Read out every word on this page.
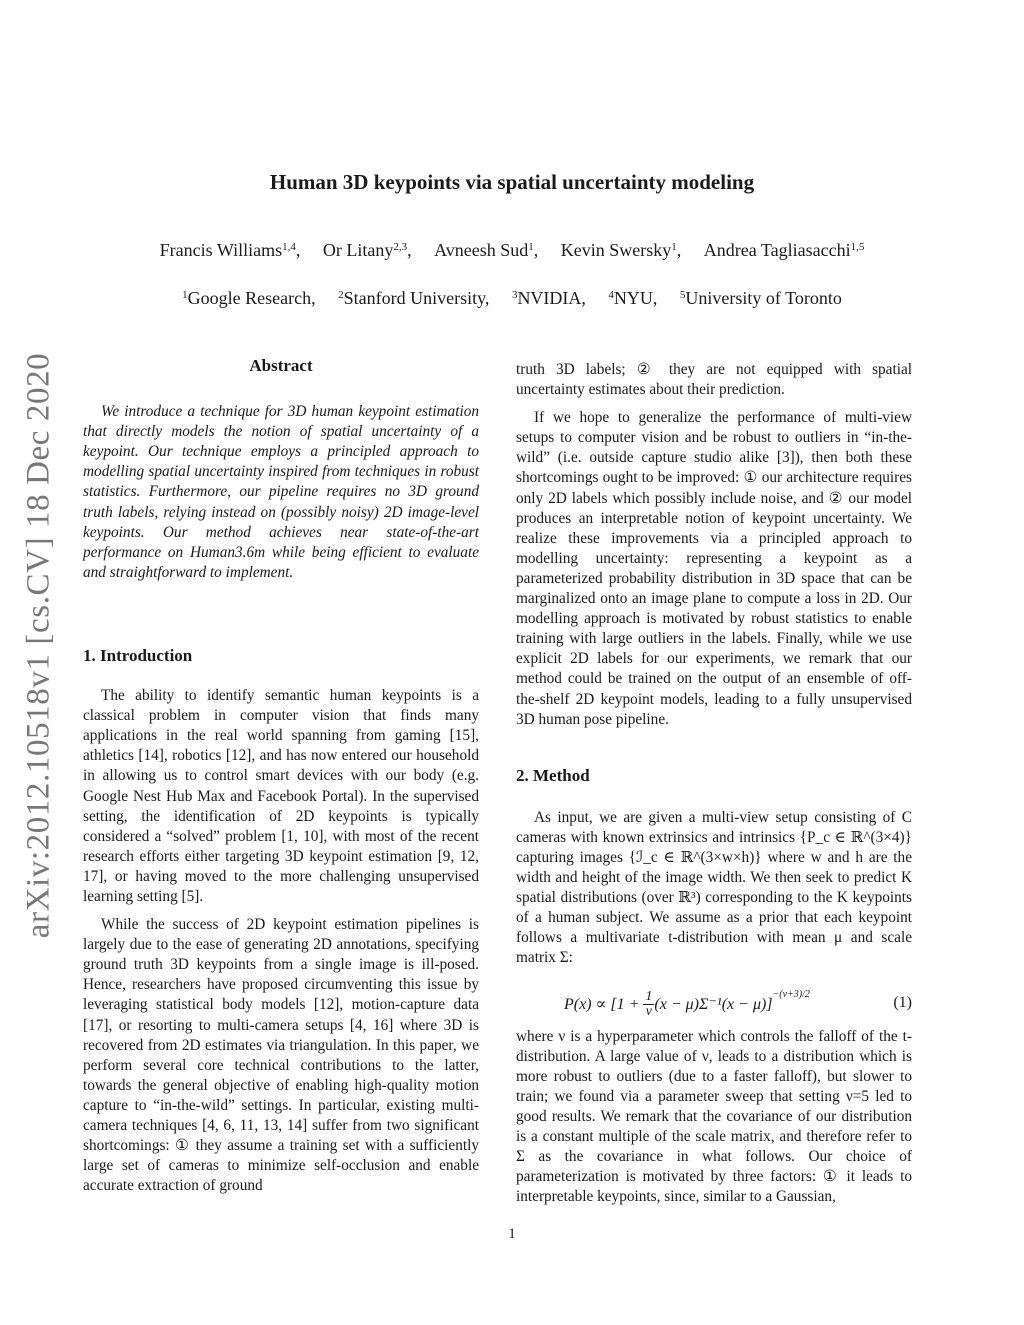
arXiv:2012.10518v1 [cs.CV] 18 Dec 2020
Human 3D keypoints via spatial uncertainty modeling
Francis Williams$^{1,4}$, Or Litany$^{2,3}$, Avneesh Sud$^1$, Kevin Swersky$^1$, Andrea Tagliasacchi$^{1,5}$
$^1$Google Research, $^2$Stanford University, $^3$NVIDIA, $^4$NYU, $^5$University of Toronto
Abstract

We introduce a technique for 3D human keypoint estimation that directly models the notion of spatial uncertainty of a keypoint. Our technique employs a principled approach to modelling spatial uncertainty inspired from techniques in robust statistics. Furthermore, our pipeline requires no 3D ground truth labels, relying instead on (possibly noisy) 2D image-level keypoints. Our method achieves near state-of-the-art performance on Human3.6m while being efficient to evaluate and straightforward to implement.

1. Introduction

The ability to identify semantic human keypoints is a classical problem in computer vision that finds many applications in the real world spanning from gaming [15], athletics [14], robotics [12], and has now entered our household in allowing us to control smart devices with our body (e.g. Google Nest Hub Max and Facebook Portal). In the supervised setting, the identification of 2D keypoints is typically considered a “solved” problem [1, 10], with most of the recent research efforts either targeting 3D keypoint estimation [9, 12, 17], or having moved to the more challenging unsupervised learning setting [5].

While the success of 2D keypoint estimation pipelines is largely due to the ease of generating 2D annotations, specifying ground truth 3D keypoints from a single image is ill-posed. Hence, researchers have proposed circumventing this issue by leveraging statistical body models [12], motion-capture data [17], or resorting to multi-camera setups [4, 16] where 3D is recovered from 2D estimates via triangulation. In this paper, we perform several core technical contributions to the latter, towards the general objective of enabling high-quality motion capture to “in-the-wild” settings. In particular, existing multi-camera techniques [4, 6, 11, 13, 14] suffer from two significant shortcomings: ① they assume a training set with a sufficiently large set of cameras to minimize self-occlusion and enable accurate extraction of ground

truth 3D labels; ② they are not equipped with spatial uncertainty estimates about their prediction.

If we hope to generalize the performance of multi-view setups to computer vision and be robust to outliers in “in-the-wild” (i.e. outside capture studio alike [3]), then both these shortcomings ought to be improved: ① our architecture requires only 2D labels which possibly include noise, and ② our model produces an interpretable notion of keypoint uncertainty. We realize these improvements via a principled approach to modelling uncertainty: representing a keypoint as a parameterized probability distribution in 3D space that can be marginalized onto an image plane to compute a loss in 2D. Our modelling approach is motivated by robust statistics to enable training with large outliers in the labels. Finally, while we use explicit 2D labels for our experiments, we remark that our method could be trained on the output of an ensemble of off-the-shelf 2D keypoint models, leading to a fully unsupervised 3D human pose pipeline.

2. Method

As input, we are given a multi-view setup consisting of C cameras with known extrinsics and intrinsics {P_c ∈ ℝ^(3×4)} capturing images {ℐ_c ∈ ℝ^(3×w×h)} where w and h are the width and height of the image width. We then seek to predict K spatial distributions (over ℝ³) corresponding to the K keypoints of a human subject. We assume as a prior that each keypoint follows a multivariate t-distribution with mean μ and scale matrix Σ:

$P(x) \propto [1 + \frac{1}{\nu} (x - \mu)\Sigma^{-1}(x - \mu)]^{-(\nu+3)/2}$	(1)

where ν is a hyperparameter which controls the falloff of the t-distribution. A large value of ν, leads to a distribution which is more robust to outliers (due to a faster falloff), but slower to train; we found via a parameter sweep that setting ν=5 led to good results. We remark that the covariance of our distribution is a constant multiple of the scale matrix, and therefore refer to Σ as the covariance in what follows. Our choice of parameterization is motivated by three factors: ① it leads to interpretable keypoints, since, similar to a Gaussian,

1
